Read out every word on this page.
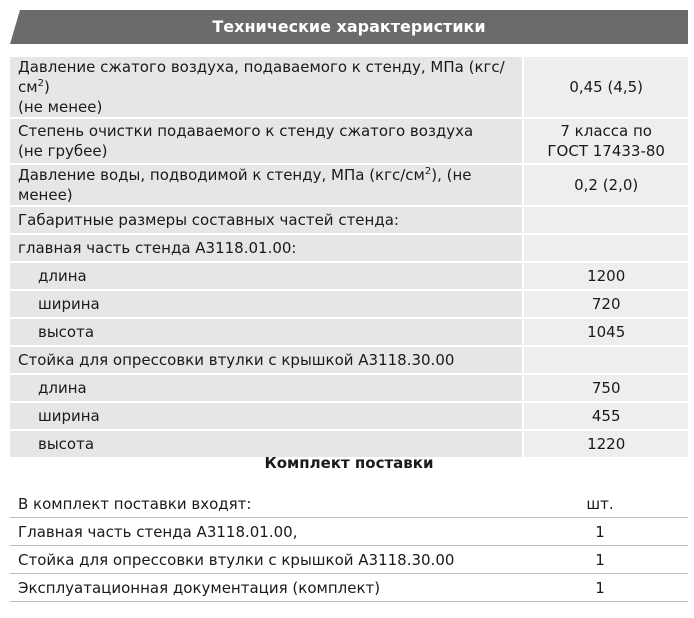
Технические характеристики
Давление сжатого воздуха, подаваемого к стенду, МПа $(кгс/см^2)$
(не менее)	0,45 (4,5)
Степень очистки подаваемого к стенду сжатого воздуха
(не грубее)	7 класса по
ГОСТ 17433-80
Давление воды, подводимой к стенду, МПа $(кгс/см^2)$, (не менее)	0,2 (2,0)
Габаритные размеры составных частей стенда:	
главная часть стенда А3118.01.00:	
длина	1200
ширина	720
высота	1045
Стойка для опрессовки втулки с крышкой А3118.30.00	
длина	750
ширина	455
высота	1220
Комплект поставки
В комплект поставки входят:	шт.
Главная часть стенда А3118.01.00,	1
Стойка для опрессовки втулки с крышкой А3118.30.00	1
Эксплуатационная документация (комплект)	1
